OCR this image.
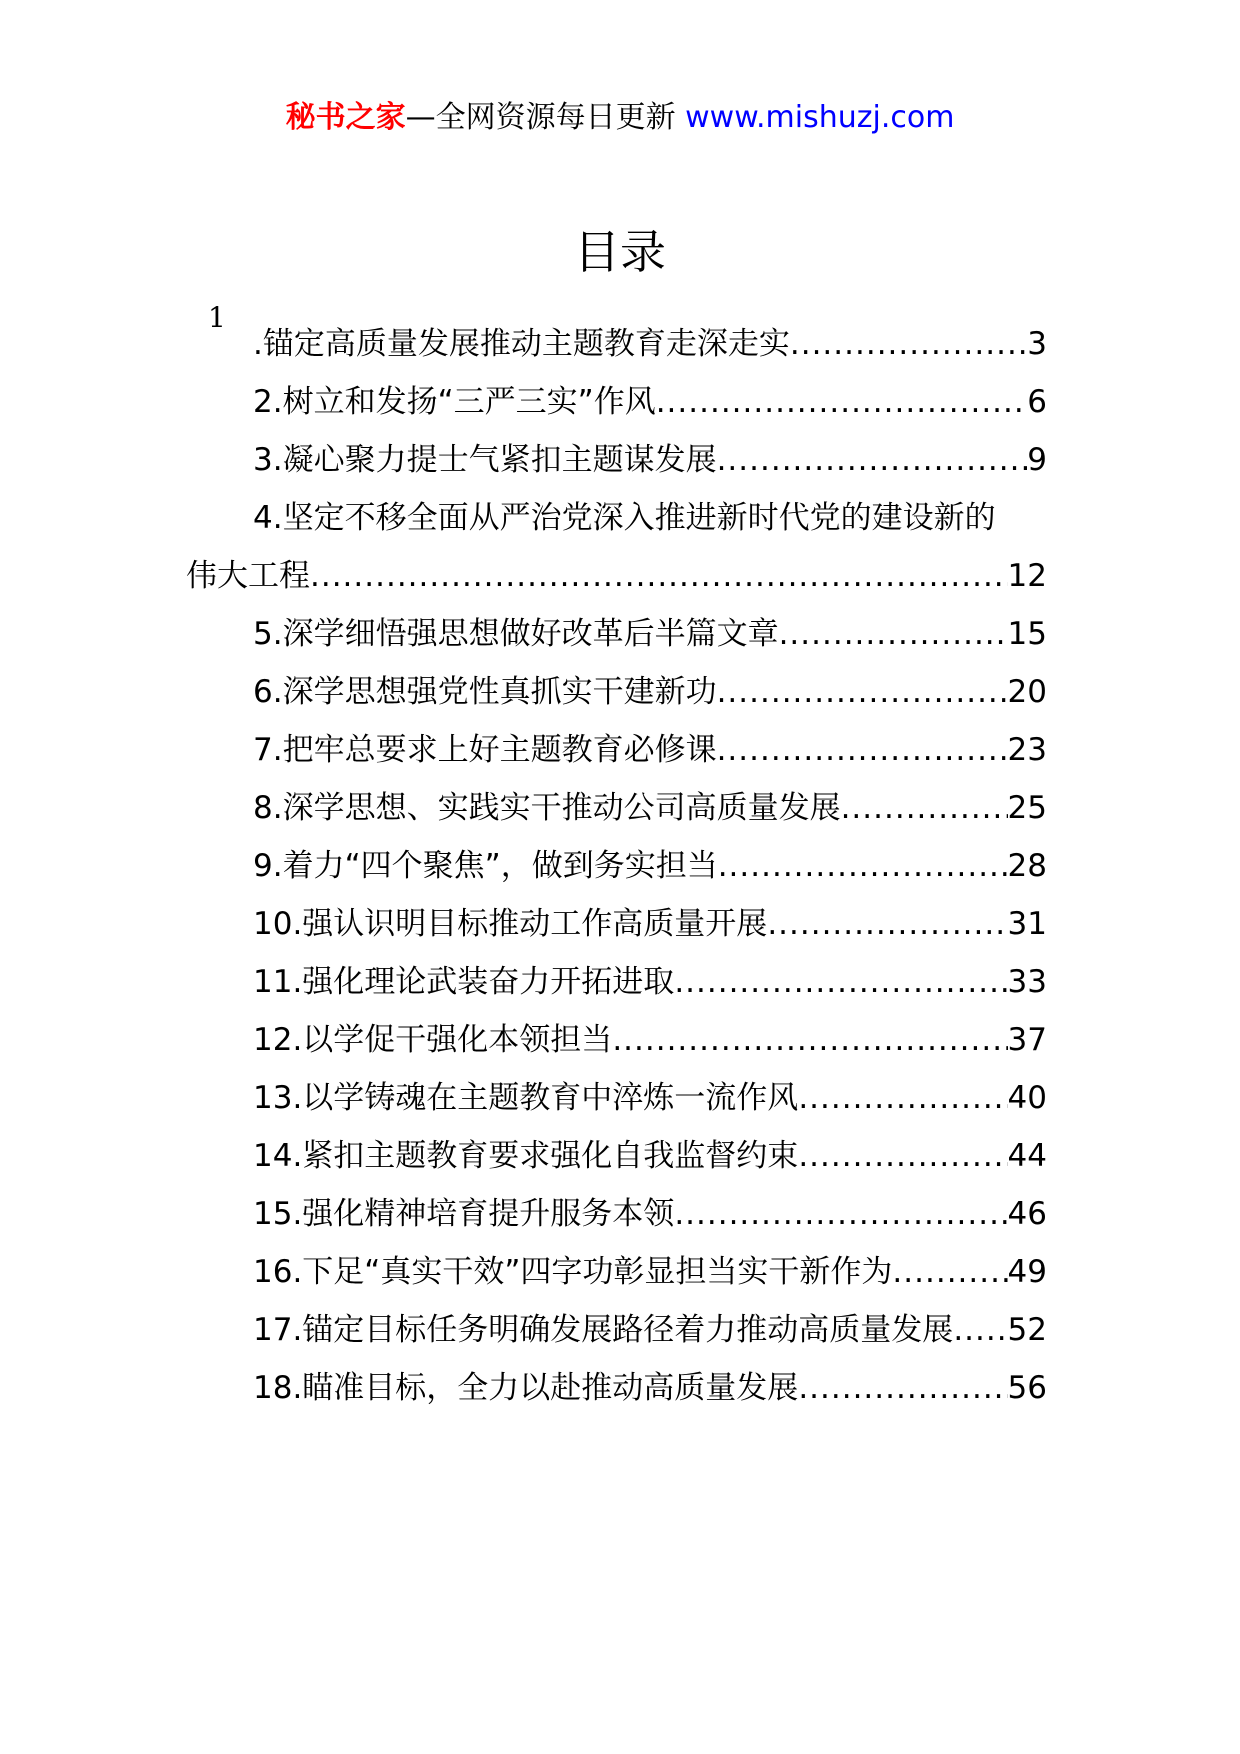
秘书之家—全网资源每日更新 www.mishuzj.com
目录
1
.锚定高质量发展推动主题教育走深走实 .....	3
2.树立和发扬“三严三实”作风 .....	6
3.凝心聚力提士气紧扣主题谋发展 .....	9
4.坚定不移全面从严治党深入推进新时代党的建设新的
伟大工程 .....	12
5.深学细悟强思想做好改革后半篇文章 .....	15
6.深学思想强党性真抓实干建新功 .....	20
7.把牢总要求上好主题教育必修课 .....	23
8.深学思想、实践实干推动公司高质量发展 .....	25
9.着力“四个聚焦”，做到务实担当 .....	28
10.强认识明目标推动工作高质量开展 .....	31
11.强化理论武装奋力开拓进取 .....	33
12.以学促干强化本领担当 .....	37
13.以学铸魂在主题教育中淬炼一流作风 .....	40
14.紧扣主题教育要求强化自我监督约束 .....	44
15.强化精神培育提升服务本领 .....	46
16.下足“真实干效”四字功彰显担当实干新作为 .....	49
17.锚定目标任务明确发展路径着力推动高质量发展 ..... 52
18.瞄准目标，全力以赴推动高质量发展 .....	56
